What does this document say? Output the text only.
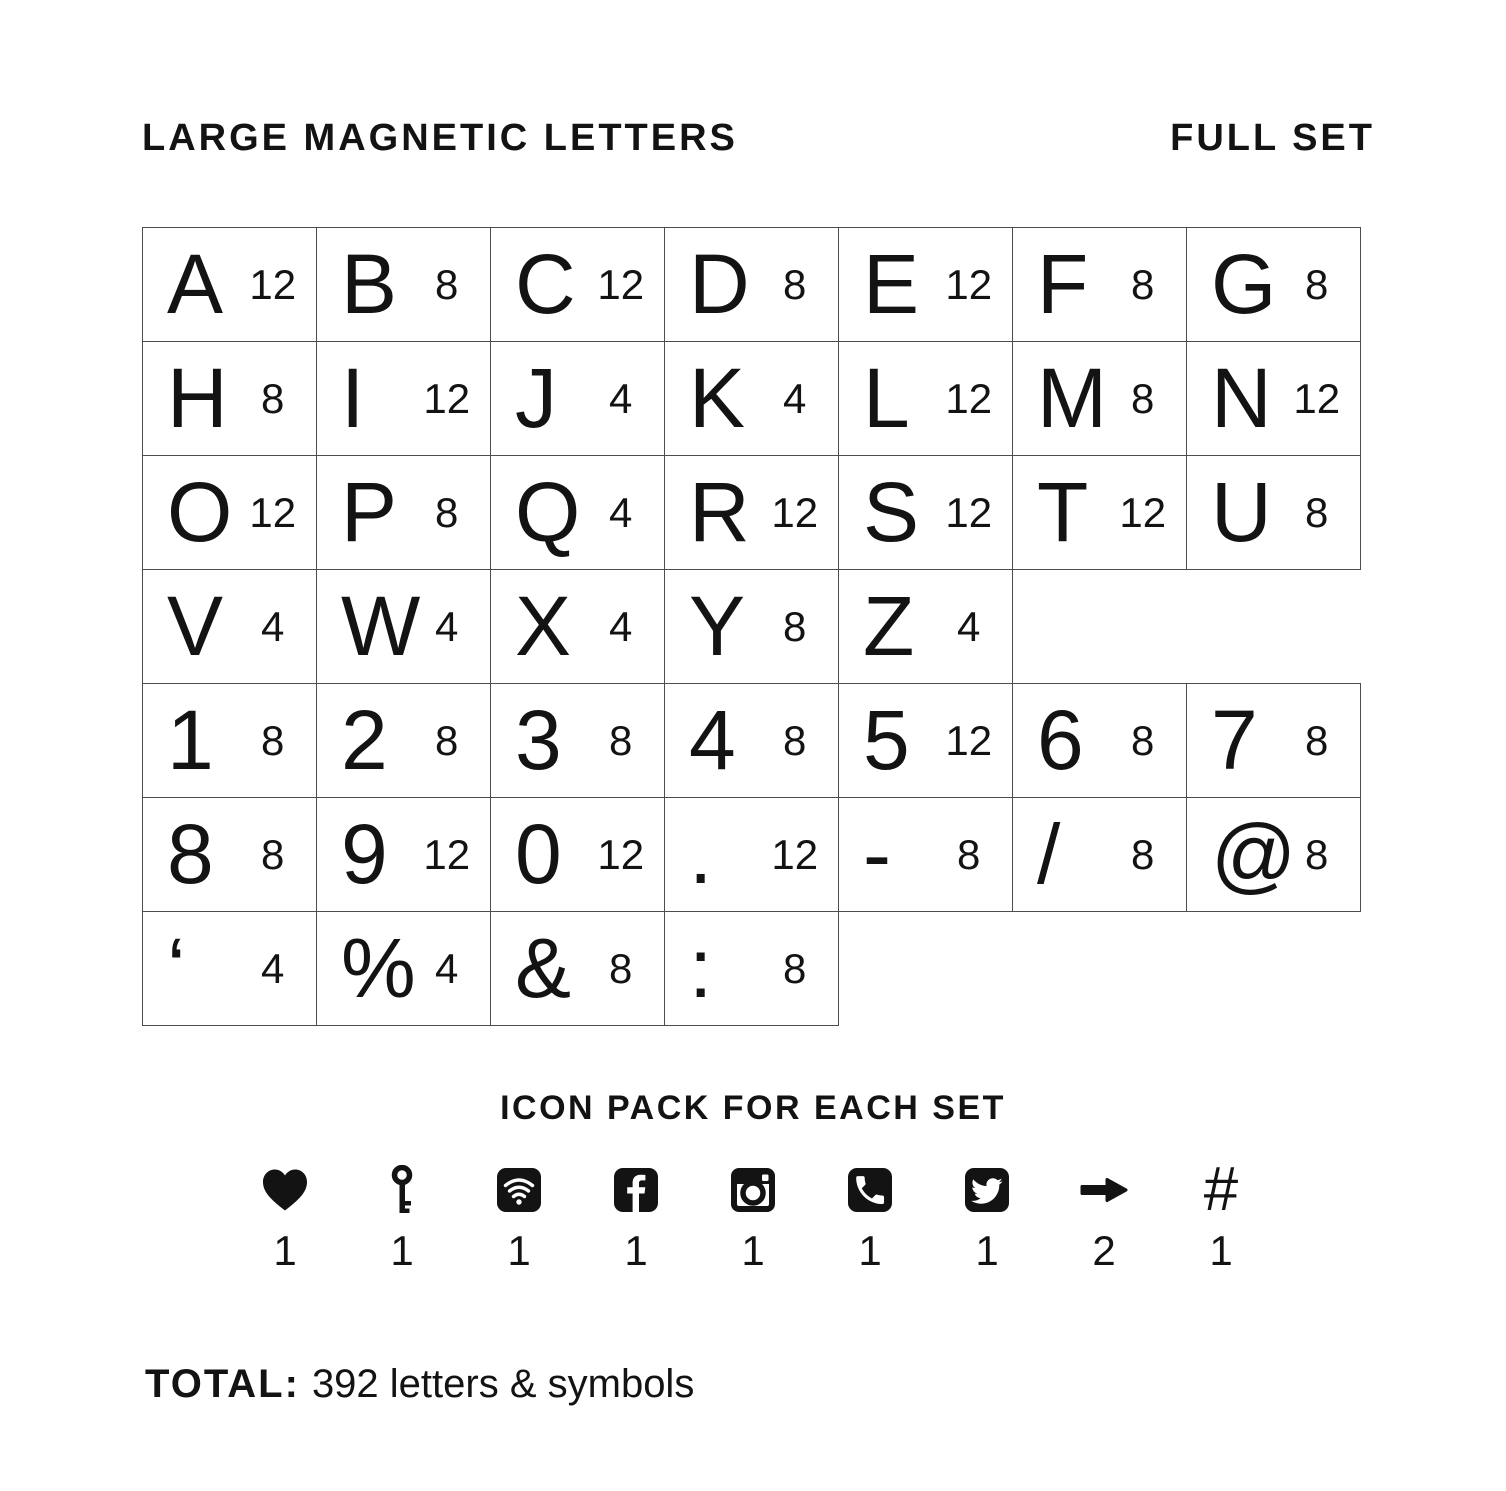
LARGE MAGNETIC LETTERS	FULL SET
A 12 B 8 C 12 D 8 E 12 F	8 G 8
H 8 I 12 J	4 K 4 L 12 M 8 N 12
O 12 P 8 Q 4 R 12 S 12 T 12 U 8
V 4 W 4 X 4 Y 8 Z	4
1	8 2	8 3	8 4	8 5 12 6	8 7	8
8	8 9 12 0 12 . 12 -	8 /	8 @ 8
‘	4 % 4 & 8 :	8
ICON PACK FOR EACH SET
1 1 1 1 1 1 1 2
#
1
TOTAL: 392 letters & symbols
